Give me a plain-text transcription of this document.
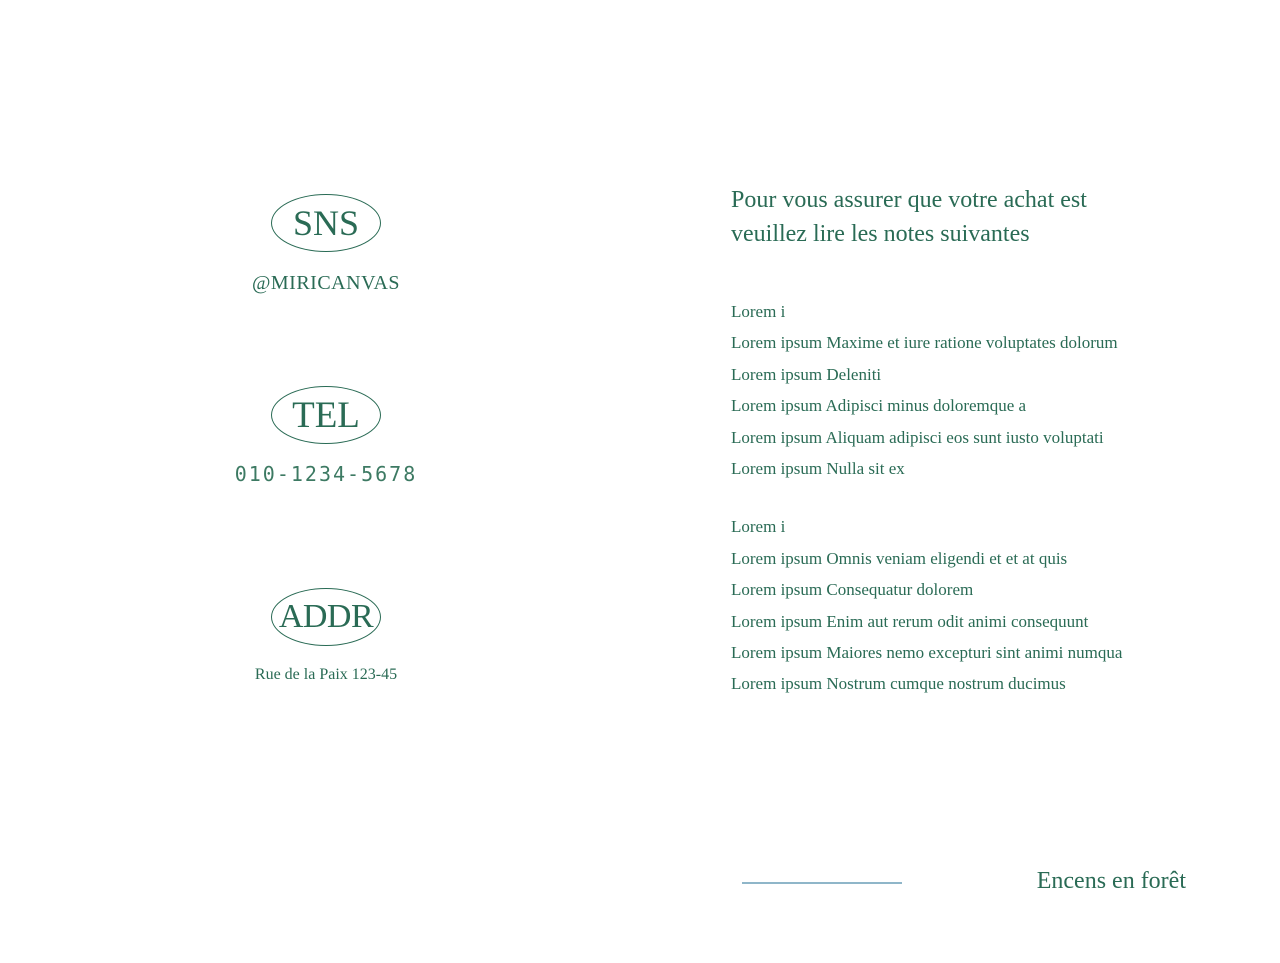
SNS
@MIRICANVAS
TEL
010-1234-5678
ADDR
Rue de la Paix 123-45

Pour vous assurer que votre achat est
veuillez lire les notes suivantes

Lorem i
Lorem ipsum Maxime et iure ratione voluptates dolorum
Lorem ipsum Deleniti
Lorem ipsum Adipisci minus doloremque a
Lorem ipsum Aliquam adipisci eos sunt iusto voluptati
Lorem ipsum Nulla sit ex
Lorem i
Lorem ipsum Omnis veniam eligendi et et at quis
Lorem ipsum Consequatur dolorem
Lorem ipsum Enim aut rerum odit animi consequunt
Lorem ipsum Maiores nemo excepturi sint animi numqua
Lorem ipsum Nostrum cumque nostrum ducimus
Encens en forêt
